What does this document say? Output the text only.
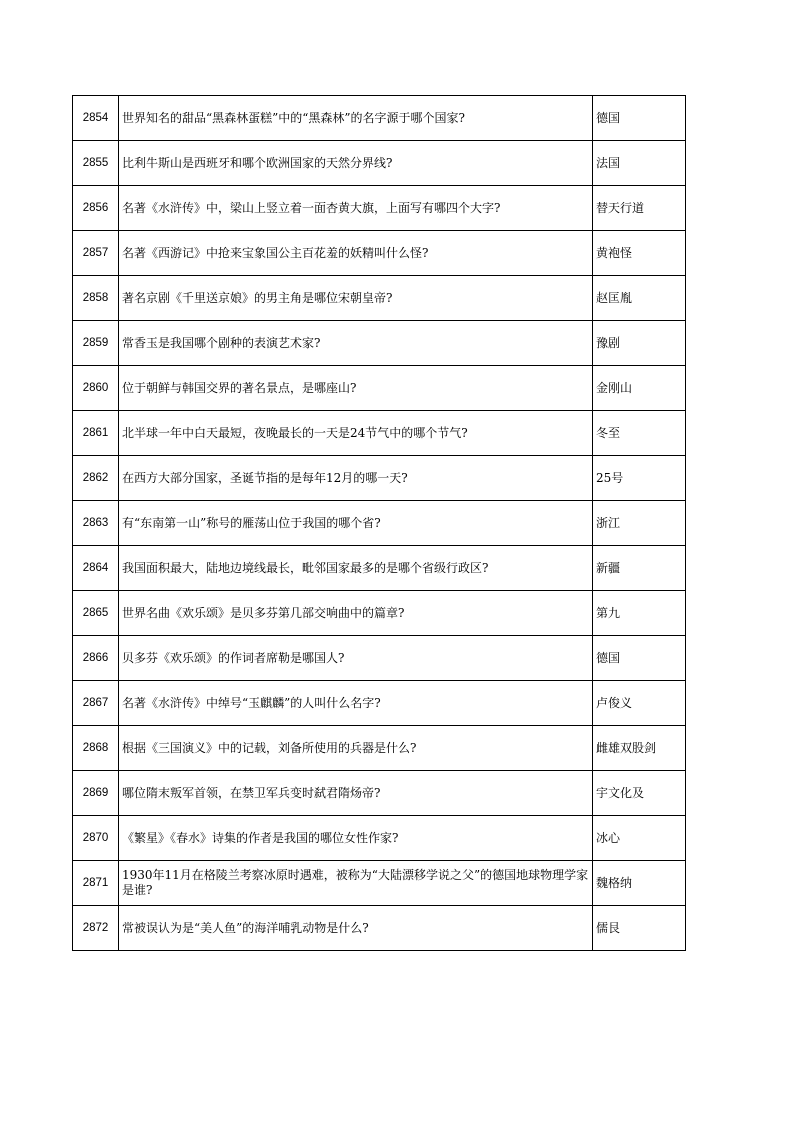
2854	世界知名的甜品“黑森林蛋糕”中的“黑森林”的名字源于哪个国家?	德国
2855	比利牛斯山是西班牙和哪个欧洲国家的天然分界线?	法国
2856	名著《水浒传》中，梁山上竖立着一面杏黄大旗，上面写有哪四个大字?	替天行道
2857	名著《西游记》中抢来宝象国公主百花羞的妖精叫什么怪?	黄袍怪
2858	著名京剧《千里送京娘》的男主角是哪位宋朝皇帝?	赵匡胤
2859	常香玉是我国哪个剧种的表演艺术家?	豫剧
2860	位于朝鲜与韩国交界的著名景点，是哪座山?	金刚山
2861	北半球一年中白天最短，夜晚最长的一天是24节气中的哪个节气?	冬至
2862	在西方大部分国家，圣诞节指的是每年12月的哪一天?	25号
2863	有“东南第一山”称号的雁荡山位于我国的哪个省?	浙江
2864	我国面积最大，陆地边境线最长，毗邻国家最多的是哪个省级行政区?	新疆
2865	世界名曲《欢乐颂》是贝多芬第几部交响曲中的篇章?	第九
2866	贝多芬《欢乐颂》的作词者席勒是哪国人?	德国
2867	名著《水浒传》中绰号“玉麒麟”的人叫什么名字?	卢俊义
2868	根据《三国演义》中的记载，刘备所使用的兵器是什么?	雌雄双股剑
2869	哪位隋末叛军首领，在禁卫军兵变时弑君隋炀帝?	宇文化及
2870	《繁星》《春水》诗集的作者是我国的哪位女性作家?	冰心
2871	1930年11月在格陵兰考察冰原时遇难，被称为“大陆漂移学说之父”的德国地球物理学家是谁?	魏格纳
2872	常被误认为是“美人鱼”的海洋哺乳动物是什么?	儒艮
